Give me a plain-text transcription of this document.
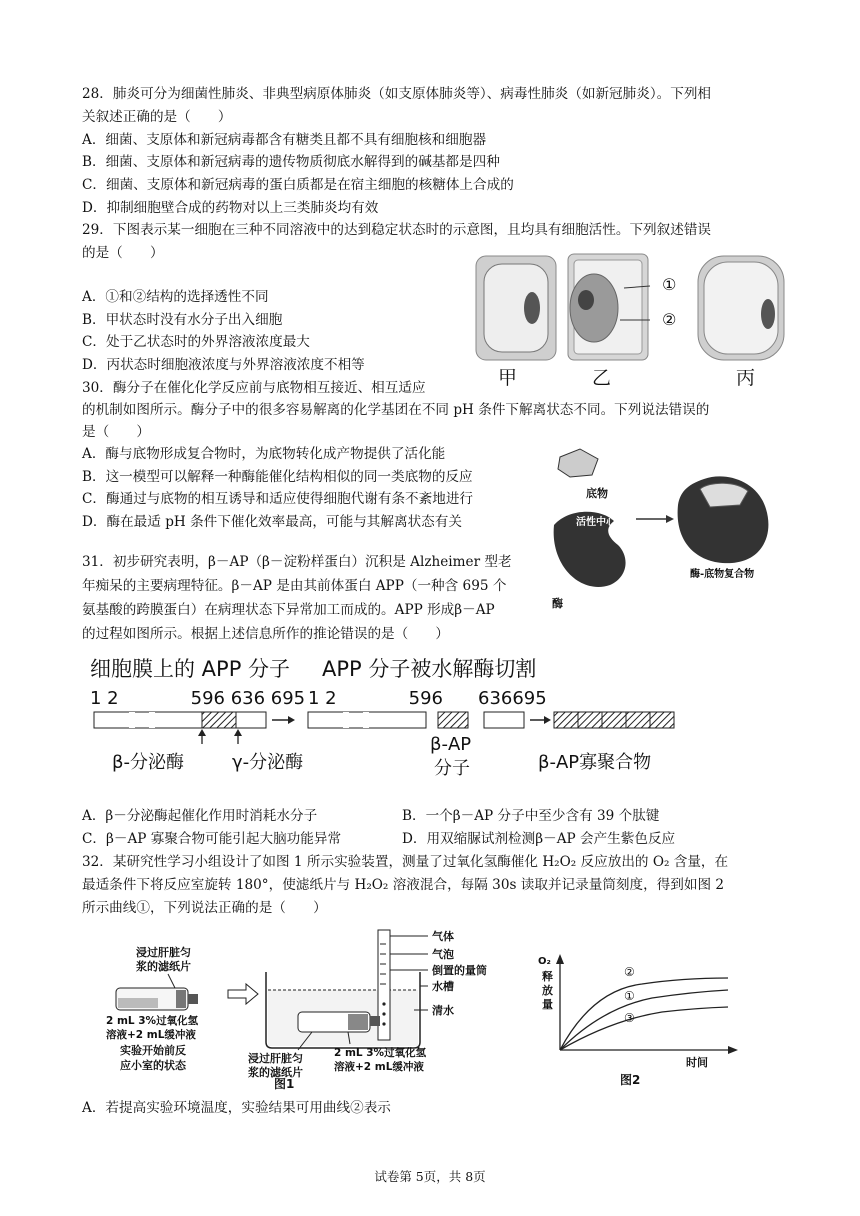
28．肺炎可分为细菌性肺炎、非典型病原体肺炎（如支原体肺炎等）、病毒性肺炎（如新冠肺炎）。下列相
关叙述正确的是（　　）
A．细菌、支原体和新冠病毒都含有糖类且都不具有细胞核和细胞器
B．细菌、支原体和新冠病毒的遗传物质彻底水解得到的碱基都是四种
C．细菌、支原体和新冠病毒的蛋白质都是在宿主细胞的核糖体上合成的
D．抑制细胞壁合成的药物对以上三类肺炎均有效
29．下图表示某一细胞在三种不同溶液中的达到稳定状态时的示意图，且均具有细胞活性。下列叙述错误
的是（　　）
A．①和②结构的选择透性不同
B．甲状态时没有水分子出入细胞
C．处于乙状态时的外界溶液浓度最大
D．丙状态时细胞液浓度与外界溶液浓度不相等
①
②
甲	乙	丙
30．酶分子在催化化学反应前与底物相互接近、相互适应
的机制如图所示。酶分子中的很多容易解离的化学基团在不同 pH 条件下解离状态不同。下列说法错误的
是（　　）
A．酶与底物形成复合物时，为底物转化成产物提供了活化能
B．这一模型可以解释一种酶能催化结构相似的同一类底物的反应
C．酶通过与底物的相互诱导和适应使得细胞代谢有条不紊地进行
D．酶在最适 pH 条件下催化效率最高，可能与其解离状态有关
底物
活性中心
酶
酶-底物复合物
31．初步研究表明，β－AP（β－淀粉样蛋白）沉积是 Alzheimer 型老
年痴呆的主要病理特征。β－AP 是由其前体蛋白 APP（一种含 695 个
氨基酸的跨膜蛋白）在病理状态下异常加工而成的。APP 形成β－AP
的过程如图所示。根据上述信息所作的推论错误的是（　　）
细胞膜上的 APP 分子 APP 分子被水解酶切割
1 2　　　　596 636 695 1 2　　　　596 636695
β-分泌酶	γ-分泌酶
β-AP
分子	β-AP寡聚合物
A．β－分泌酶起催化作用时消耗水分子	B．一个β－AP 分子中至少含有 39 个肽键
C．β－AP 寡聚合物可能引起大脑功能异常	D．用双缩脲试剂检测β－AP 会产生紫色反应
32．某研究性学习小组设计了如图 1 所示实验装置，测量了过氧化氢酶催化 H₂O₂ 反应放出的 O₂ 含量，在
最适条件下将反应室旋转 180°，使滤纸片与 H₂O₂ 溶液混合，每隔 30s 读取并记录量筒刻度，得到如图 2
所示曲线①，下列说法正确的是（　　）
浸过肝脏匀
浆的滤纸片
2 mL 3%过氧化氢
溶液+2 mL缓冲液
实验开始前反
应小室的状态
气体
气泡
倒置的量筒
水槽
清水
浸过肝脏匀
浆的滤纸片
2 mL 3%过氧化氢
溶液+2 mL缓冲液
图1
O₂
释
放
量
②
①
③
时间
图2
A．若提高实验环境温度，实验结果可用曲线②表示
试卷第 5页，共 8页
